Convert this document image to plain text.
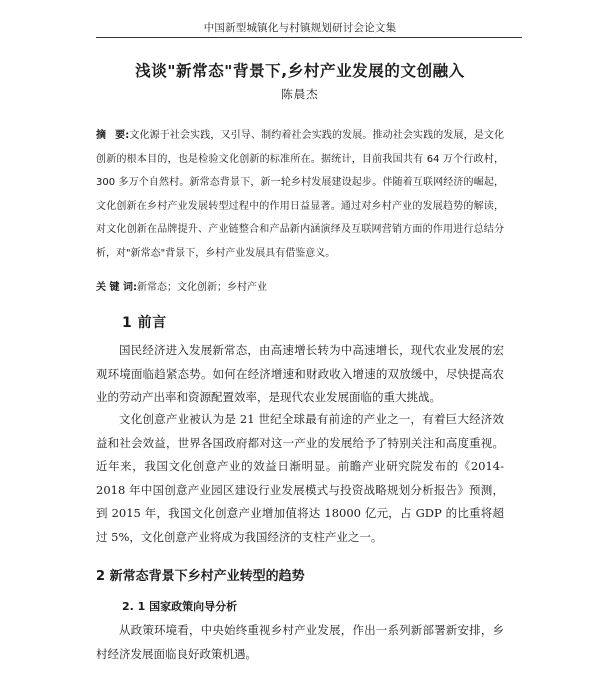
中国新型城镇化与村镇规划研讨会论文集
浅谈"新常态"背景下,乡村产业发展的文创融入
陈晨杰

摘要:文化源于社会实践，又引导、制约着社会实践的发展。推动社会实践的发展，是文化创新的根本目的，也是检验文化创新的标准所在。据统计，目前我国共有 64 万个行政村，300 多万个自然村。新常态背景下，新一轮乡村发展建设起步。伴随着互联网经济的崛起，文化创新在乡村产业发展转型过程中的作用日益显著。通过对乡村产业的发展趋势的解读，对文化创新在品牌提升、产业链整合和产品新内涵演绎及互联网营销方面的作用进行总结分析，对"新常态"背景下，乡村产业发展具有借鉴意义。

关 键 词:新常态；文化创新；乡村产业

1 前言

国民经济进入发展新常态，由高速增长转为中高速增长，现代农业发展的宏观环境面临趋紧态势。如何在经济增速和财政收入增速的双放缓中，尽快提高农业的劳动产出率和资源配置效率，是现代农业发展面临的重大挑战。

文化创意产业被认为是 21 世纪全球最有前途的产业之一，有着巨大经济效益和社会效益，世界各国政府都对这一产业的发展给予了特别关注和高度重视。近年来，我国文化创意产业的效益日渐明显。前瞻产业研究院发布的《2014-2018 年中国创意产业园区建设行业发展模式与投资战略规划分析报告》预测，到 2015 年，我国文化创意产业增加值将达 18000 亿元，占 GDP 的比重将超过 5%，文化创意产业将成为我国经济的支柱产业之一。

2 新常态背景下乡村产业转型的趋势
2. 1 国家政策向导分析

从政策环境看，中央始终重视乡村产业发展，作出一系列新部署新安排，乡村经济发展面临良好政策机遇。
